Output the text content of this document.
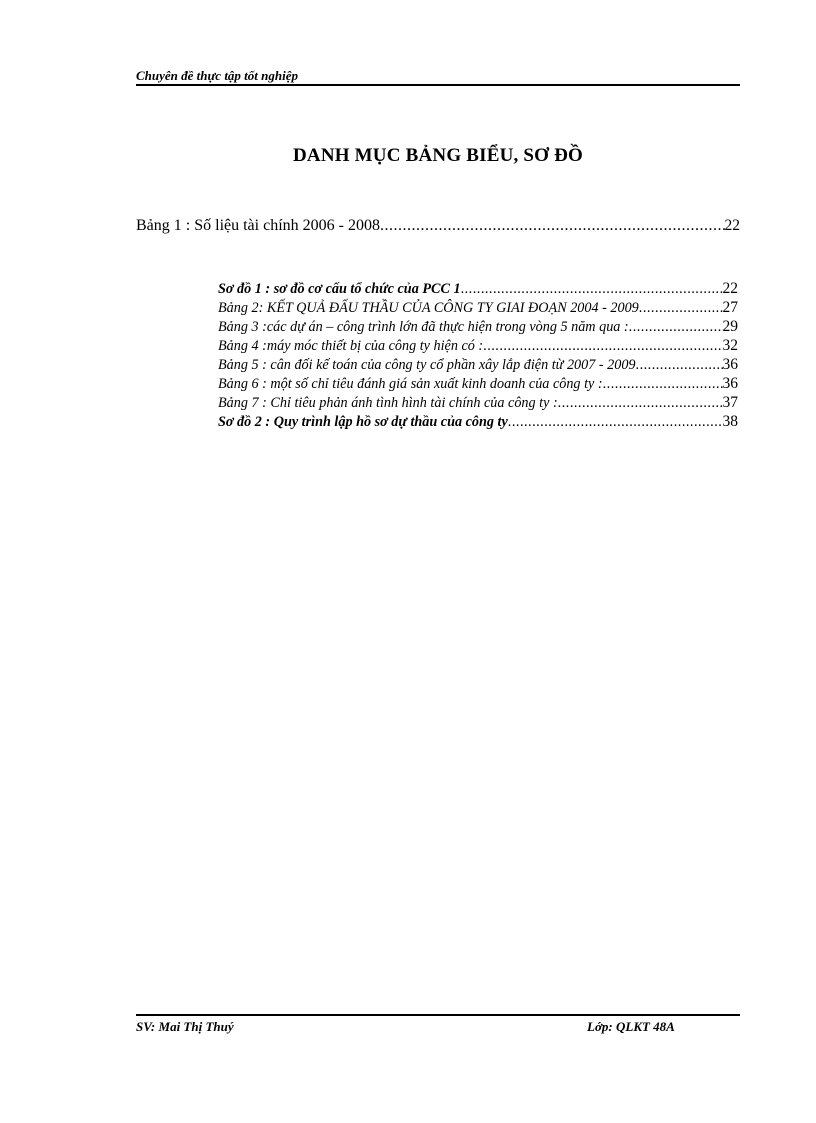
Chuyên đề thực tập tốt nghiệp
DANH MỤC BẢNG BIỂU, SƠ ĐỒ
Bảng 1 : Số liệu tài chính 2006 - 2008 .....	22
Sơ đồ 1 : sơ đồ cơ cấu tổ chức của PCC 1 .....	22
Bảng 2: KẾT QUẢ ĐẤU THẦU CỦA CÔNG TY GIAI ĐOẠN 2004 - 2009 .....	27
Bảng 3 :các dự án – công trình lớn đã thực hiện trong vòng 5 năm qua : .....	29
Bảng 4 :máy móc thiết bị của công ty hiện có : .....	32
Bảng 5 : cân đối kế toán của công ty cổ phần xây lắp điện từ 2007 - 2009 .....	36
Bảng 6 : một số chỉ tiêu đánh giá sản xuất kinh doanh của công ty : .....	36
Bảng 7 : Chỉ tiêu phản ánh tình hình tài chính của công ty : .....	37
Sơ đồ 2 : Quy trình lập hồ sơ dự thầu của công ty .....	38
SV: Mai Thị Thuý	Lớp: QLKT 48A
